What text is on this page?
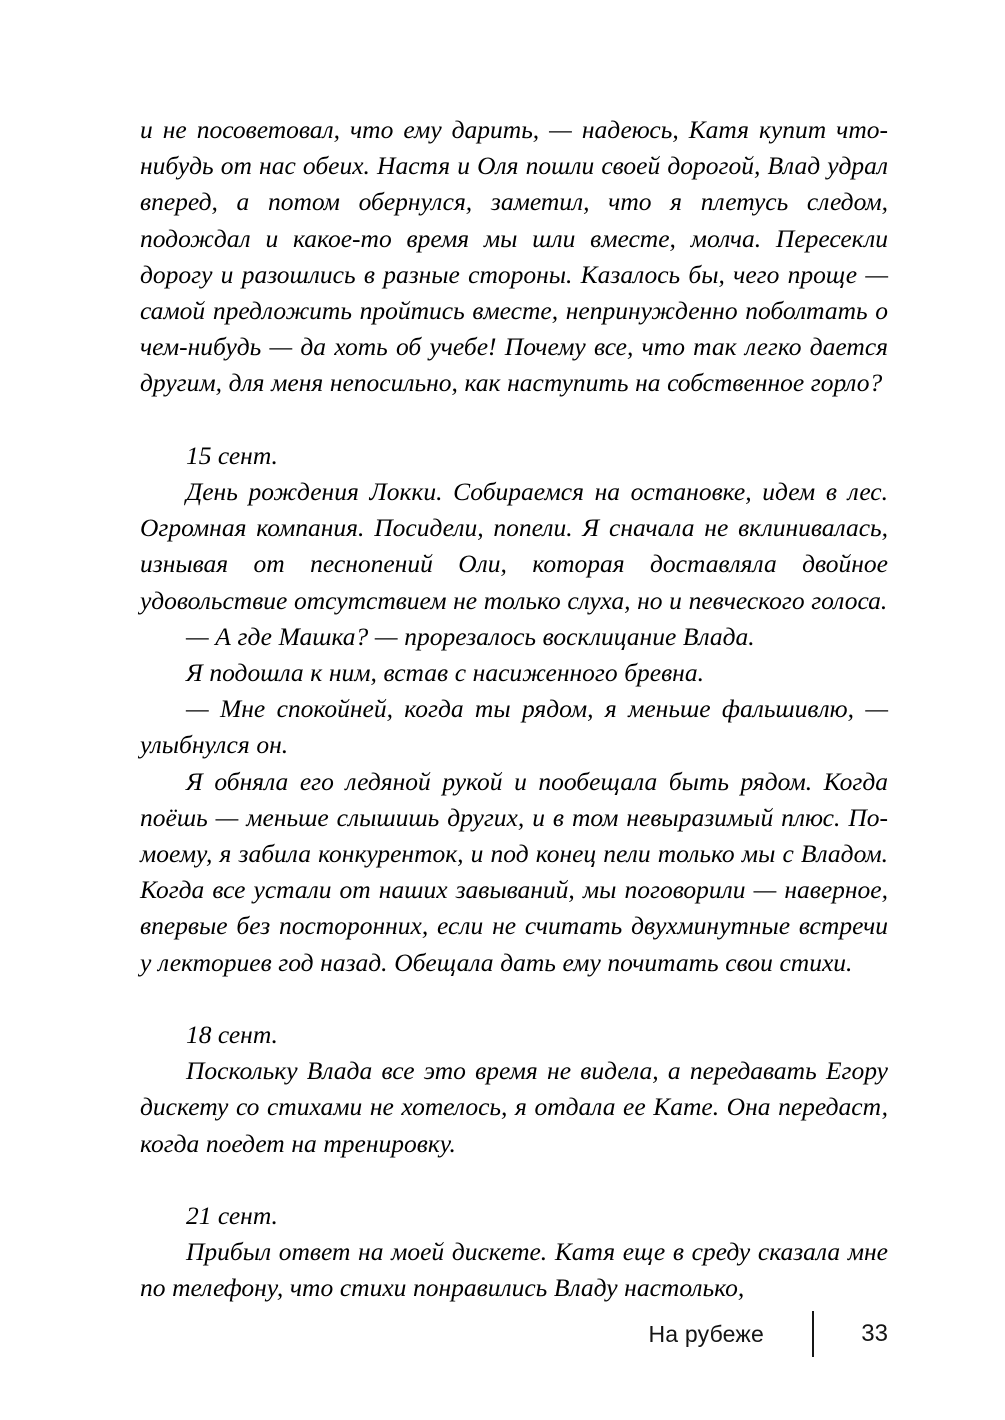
и не посоветовал, что ему дарить, — надеюсь, Катя купит что-нибудь от нас обеих. Настя и Оля пошли своей дорогой, Влад удрал вперед, а потом обернулся, заметил, что я плетусь следом, подождал и какое-то время мы шли вместе, молча. Пересекли дорогу и разошлись в разные стороны. Казалось бы, чего проще — самой предложить пройтись вместе, непринужденно поболтать о чем-нибудь — да хоть об учебе! Почему все, что так легко дается другим, для меня непосильно, как наступить на собственное горло?

15 сент.

День рождения Локки. Собираемся на остановке, идем в лес. Огромная компания. Посидели, попели. Я сначала не вклинивалась, изнывая от песнопений Оли, которая доставляла двойное удовольствие отсутствием не только слуха, но и певческого голоса.

— А где Машка? — прорезалось восклицание Влада.

Я подошла к ним, встав с насиженного бревна.

— Мне спокойней, когда ты рядом, я меньше фальшивлю, — улыбнулся он.

Я обняла его ледяной рукой и пообещала быть рядом. Когда поёшь — меньше слышишь других, и в том невыразимый плюс. По-моему, я забила конкуренток, и под конец пели только мы с Владом. Когда все устали от наших завываний, мы поговорили — наверное, впервые без посторонних, если не считать двухминутные встречи у лекториев год назад. Обещала дать ему почитать свои стихи.

18 сент.

Поскольку Влада все это время не видела, а передавать Егору дискету со стихами не хотелось, я отдала ее Кате. Она передаст, когда поедет на тренировку.

21 сент.

Прибыл ответ на моей дискете. Катя еще в среду сказала мне по телефону, что стихи понравились Владу настолько,

На рубеже	33
